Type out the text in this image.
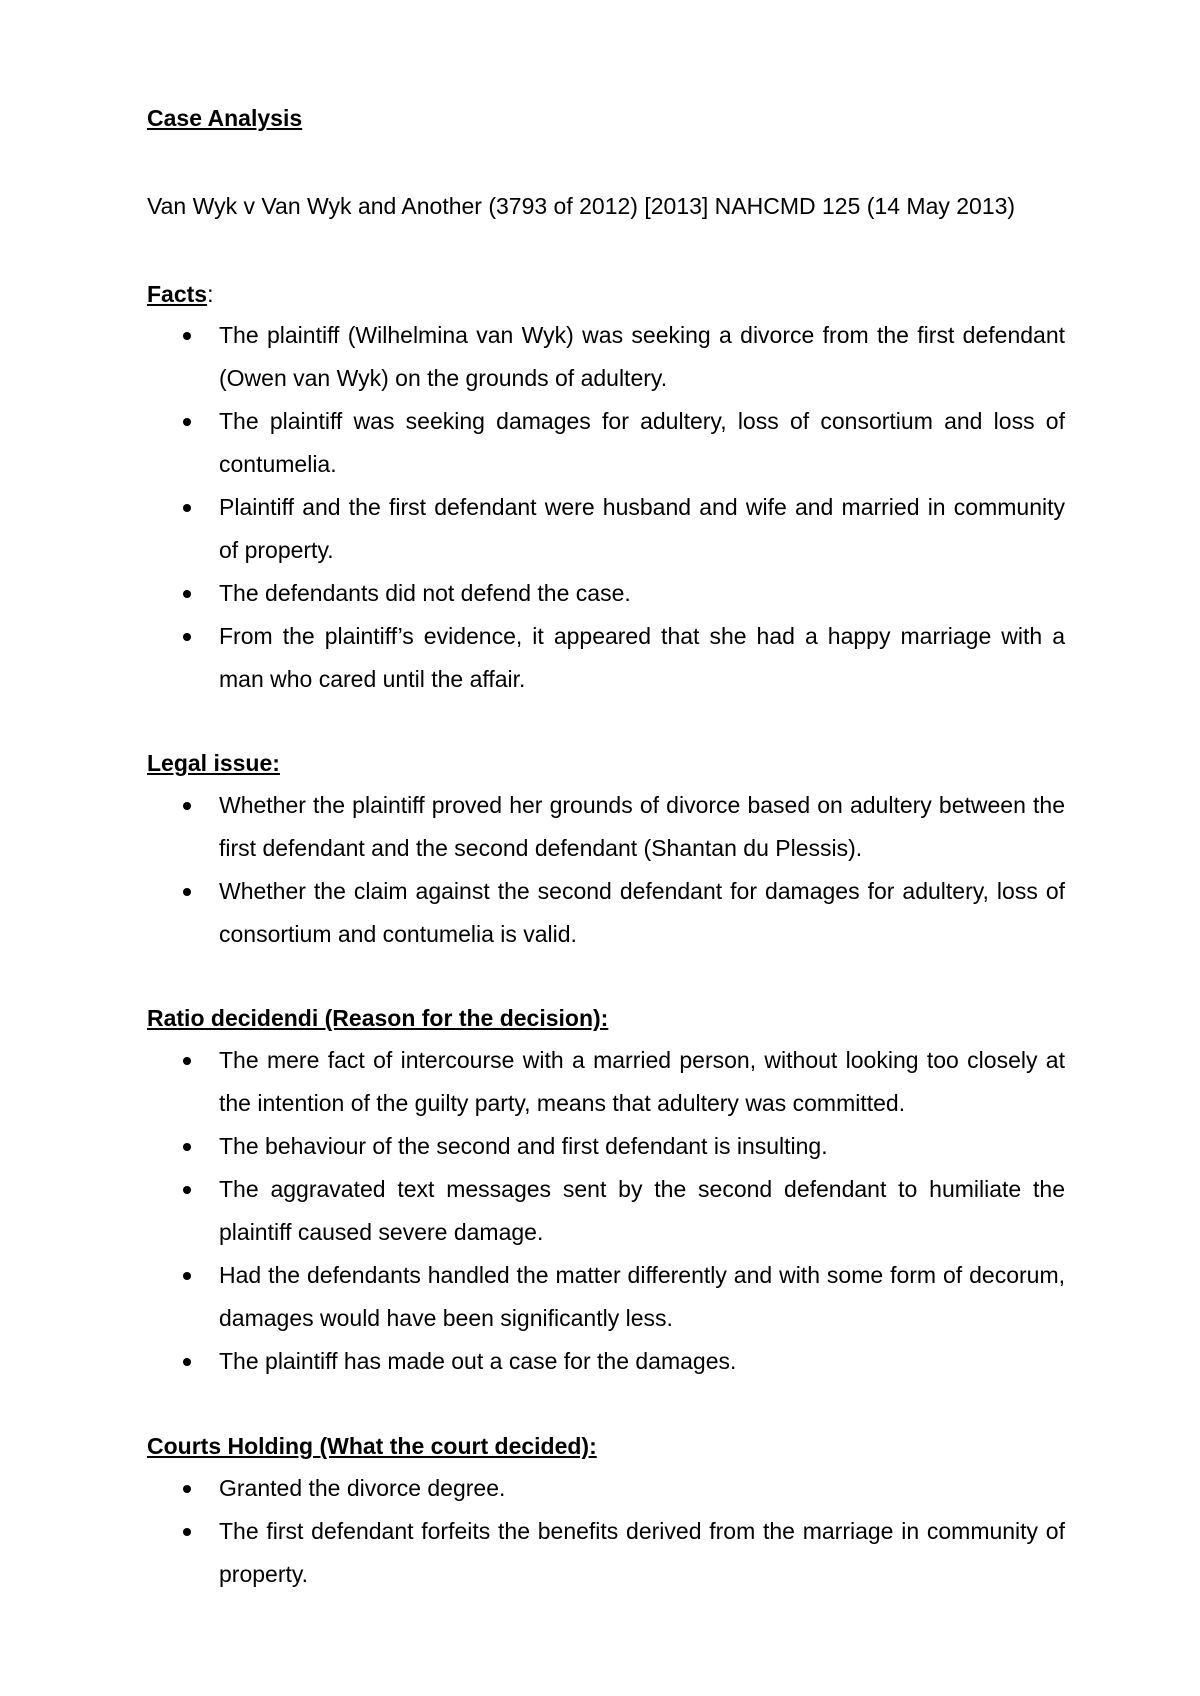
Case Analysis
Van Wyk v Van Wyk and Another (3793 of 2012) [2013] NAHCMD 125 (14 May 2013)
Facts:
The plaintiff (Wilhelmina van Wyk) was seeking a divorce from the first defendant (Owen van Wyk) on the grounds of adultery.
The plaintiff was seeking damages for adultery, loss of consortium and loss of contumelia.
Plaintiff and the first defendant were husband and wife and married in community of property.
The defendants did not defend the case.
From the plaintiff’s evidence, it appeared that she had a happy marriage with a man who cared until the affair.
Legal issue:
Whether the plaintiff proved her grounds of divorce based on adultery between the first defendant and the second defendant (Shantan du Plessis).
Whether the claim against the second defendant for damages for adultery, loss of consortium and contumelia is valid.
Ratio decidendi (Reason for the decision):
The mere fact of intercourse with a married person, without looking too closely at the intention of the guilty party, means that adultery was committed.
The behaviour of the second and first defendant is insulting.
The aggravated text messages sent by the second defendant to humiliate the plaintiff caused severe damage.
Had the defendants handled the matter differently and with some form of decorum, damages would have been significantly less.
The plaintiff has made out a case for the damages.
Courts Holding (What the court decided):
Granted the divorce degree.
The first defendant forfeits the benefits derived from the marriage in community of property.
